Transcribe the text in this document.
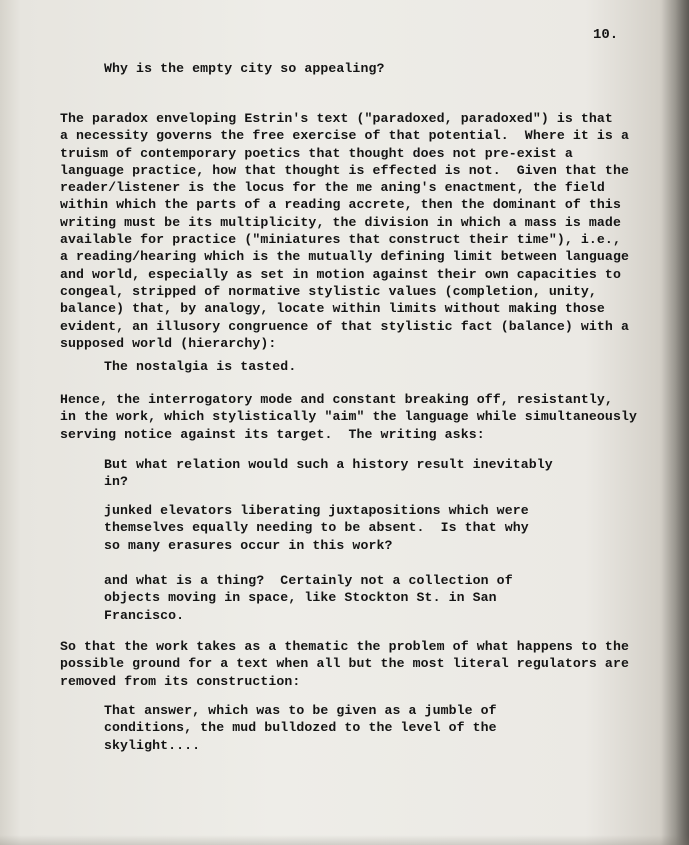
10.
Why is the empty city so appealing?
The paradox enveloping Estrin's text ("paradoxed, paradoxed") is that
a necessity governs the free exercise of that potential.  Where it is a
truism of contemporary poetics that thought does not pre-exist a
language practice, how that thought is effected is not.  Given that the
reader/listener is the locus for the me aning's enactment, the field
within which the parts of a reading accrete, then the dominant of this
writing must be its multiplicity, the division in which a mass is made
available for practice ("miniatures that construct their time"), i.e.,
a reading/hearing which is the mutually defining limit between language
and world, especially as set in motion against their own capacities to
congeal, stripped of normative stylistic values (completion, unity,
balance) that, by analogy, locate within limits without making those
evident, an illusory congruence of that stylistic fact (balance) with a
supposed world (hierarchy):
The nostalgia is tasted.
Hence, the interrogatory mode and constant breaking off, resistantly,
in the work, which stylistically "aim" the language while simultaneously
serving notice against its target.  The writing asks:
But what relation would such a history result inevitably
in?
junked elevators liberating juxtapositions which were
themselves equally needing to be absent.  Is that why
so many erasures occur in this work?
and what is a thing?  Certainly not a collection of
objects moving in space, like Stockton St. in San
Francisco.
So that the work takes as a thematic the problem of what happens to the
possible ground for a text when all but the most literal regulators are
removed from its construction:
That answer, which was to be given as a jumble of
conditions, the mud bulldozed to the level of the
skylight....
